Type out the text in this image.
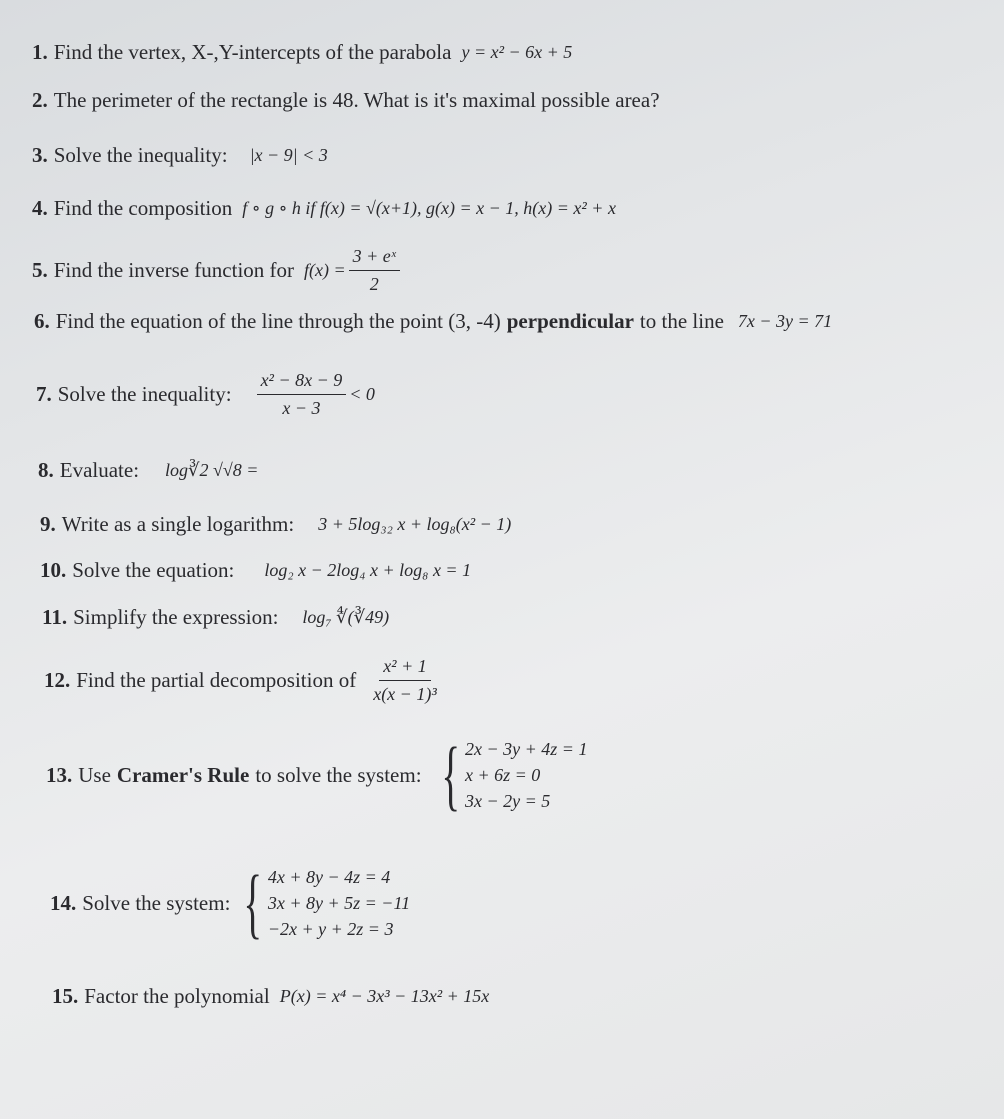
1. Find the vertex, X-,Y-intercepts of the parabola y = x² − 6x + 5
2. The perimeter of the rectangle is 48. What is it's maximal possible area?
3. Solve the inequality: |x − 9| < 3
4. Find the composition f ∘ g ∘ h if f(x) = √(x+1), g(x) = x − 1, h(x) = x² + x
5. Find the inverse function for $f(x) = \frac{\text{3 + eˣ}}{2}$
6. Find the equation of the line through the point (3, -4) perpendicular to the line 7x − 3y = 71
7. Solve the inequality: $\frac{\text{x² − 8x − 9}}{x - 3} < 0$
8. Evaluate: log∛2 √√8 =
9. Write as a single logarithm: 3 + 5log₃₂ x + log₈(x² − 1)
10. Solve the equation: log₂ x − 2log₄ x + log₈ x = 1
11. Simplify the expression: log₇ ∜(∛49)
12. Find the partial decomposition of $\frac{\text{x² + 1}}{\text{x(x − 1)³}}$
13. Use Cramer's Rule to solve the system: { 2x − 3y + 4z = 1
x + 6z = 0
3x − 2y = 5
14. Solve the system: { 4x + 8y − 4z = 4
3x + 8y + 5z = −11
−2x + y + 2z = 3
15. Factor the polynomial P(x) = x⁴ − 3x³ − 13x² + 15x
